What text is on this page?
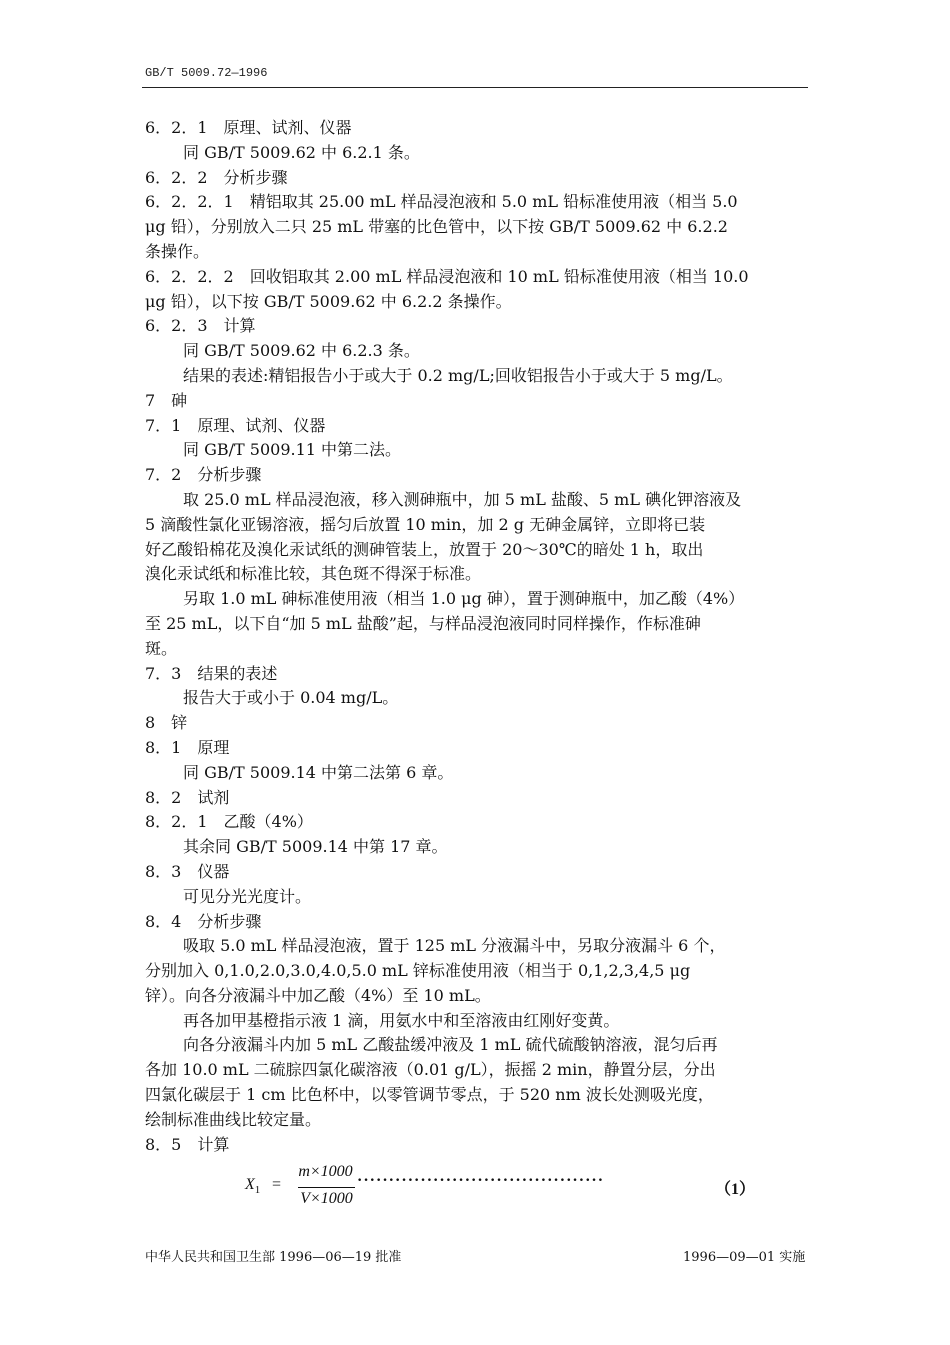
GB/T 5009.72—1996
6．2．1　原理、试剂、仪器
同 GB/T 5009.62 中 6.2.1 条。
6．2．2　分析步骤
6．2．2．1　精铝取其 25.00 mL 样品浸泡液和 5.0 mL 铅标准使用液（相当 5.0
μg 铅），分别放入二只 25 mL 带塞的比色管中，以下按 GB/T 5009.62 中 6.2.2
条操作。
6．2．2．2　回收铝取其 2.00 mL 样品浸泡液和 10 mL 铅标准使用液（相当 10.0
μg 铅），以下按 GB/T 5009.62 中 6.2.2 条操作。
6．2．3　计算
同 GB/T 5009.62 中 6.2.3 条。
结果的表述:精铝报告小于或大于 0.2 mg/L;回收铝报告小于或大于 5 mg/L。
7　砷
7．1　原理、试剂、仪器
同 GB/T 5009.11 中第二法。
7．2　分析步骤
取 25.0 mL 样品浸泡液，移入测砷瓶中，加 5 mL 盐酸、5 mL 碘化钾溶液及
5 滴酸性氯化亚锡溶液，摇匀后放置 10 min，加 2 g 无砷金属锌，立即将已装
好乙酸铅棉花及溴化汞试纸的测砷管装上，放置于 20～30℃的暗处 1 h，取出
溴化汞试纸和标准比较，其色斑不得深于标准。
另取 1.0 mL 砷标准使用液（相当 1.0 μg 砷），置于测砷瓶中，加乙酸（4%）
至 25 mL，以下自“加 5 mL 盐酸”起，与样品浸泡液同时同样操作，作标准砷
斑。
7．3　结果的表述
报告大于或小于 0.04 mg/L。
8　锌
8．1　原理
同 GB/T 5009.14 中第二法第 6 章。
8．2　试剂
8．2．1　乙酸（4%）
其余同 GB/T 5009.14 中第 17 章。
8．3　仪器
可见分光光度计。
8．4　分析步骤
吸取 5.0 mL 样品浸泡液，置于 125 mL 分液漏斗中，另取分液漏斗 6 个，
分别加入 0,1.0,2.0,3.0,4.0,5.0 mL 锌标准使用液（相当于 0,1,2,3,4,5 μg
锌）。向各分液漏斗中加乙酸（4%）至 10 mL。
再各加甲基橙指示液 1 滴，用氨水中和至溶液由红刚好变黄。
向各分液漏斗内加 5 mL 乙酸盐缓冲液及 1 mL 硫代硫酸钠溶液，混匀后再
各加 10.0 mL 二硫腙四氯化碳溶液（0.01 g/L），振摇 2 min，静置分层，分出
四氯化碳层于 1 cm 比色杯中，以零管调节零点，于 520 nm 波长处测吸光度，
绘制标准曲线比较定量。
8．5　计算
$X_1$ =
m×1000
V×1000
·······································
（1）
中华人民共和国卫生部 1996—06—19 批准	1996—09—01 实施
